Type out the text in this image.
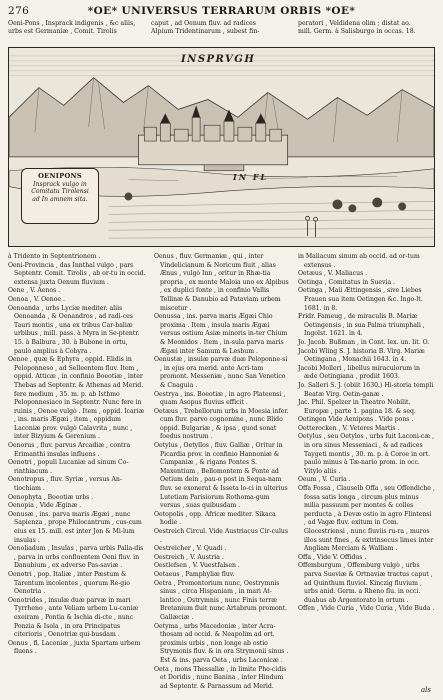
276	*OE* UNIVERSUS TERRARUM ORBIS *OE*
Oeni-Pons , Insprack indigenis , &c aliis,
urbs est Germaniæ , Comit. Tirolis
caput , ad Oenum fluv. ad radices
Alpium Tridentinarum , subest fin-
peratori , Veldidena olim ; distat ao.
mill. Germ. à Salisburgo in occas. 18.
INSPRVGH
IN FL
OENIPONS
Insprack vulgo in Comitatu Tirolensi ad In amnem sita.

à Tridento in Septentrionem .

Oeni-Provincia , das Innthal vulgo , pars Septentr. Comit. Tirolis , ab or-tu in occid. extensa juxta Oenum fluvium .

Oene , V. Aenos .

Oenoa , V. Oenoe .

Oenoanda , urbs Lyciæ mediter. aliis Oenoanda , & Oenandros , ad radi-ces Tauri montis , una ex tribus Car-baliæ urbibus , mill. pass. à Myra in Se-ptentr. 15. à Balbura , 30. à Bubone in ortu, paulò amplius à Cobyra .

Oenoe , quæ & Ephyra , oppid. Elidis in Peloponneso , ad Selleentem fluv. Item , oppid. Atticæ , in confinio Boeotiæ , inter Thebas ad Septentr. & Athenas ad Merid. fere medium , 35. m. p. ab Isthmo Peloponnesiaco in Septentr. Nunc fere in ruinis , Oenoe vulgò . Item , oppid. Icariæ , ins. maris Ægæi , item , oppidum Laconiæ prov. vulgò Calavrita , nunc , inter Bizyium & Gerenium .

Oenorus , fluv. parvus Arcadiæ , contra Erimanthi insulas influens .

Oenotri , populi Lucaniæ ad sinum Co-rinthiacum .

Oenotropus , fluv. Syriæ , versus An-tiochiam .

Oenophyta , Boeotiæ urbs .

Oenopia , Vide Æginæ .

Oenusæ , ins. parva maris Ægæi , nunc Sapienza , prope Philocantrum , cus-cum eius ex 15. mill. est inter Jon & Mi-lum insulas .

Oenoliadum , Insulas , parva urbis Palla-dis , parva in urbs confluentem Oeni fluv. in Danubium , ex adverso Pas-saviæ .

Oenotri , pop. Italiæ , inter Pæstum & Tarentum incolentes , quorum Re-gio Oenotria .

Oenotrides , insulæ duæ parvæ in mari Tyrrheno , ante Veliam urbem Lu-caniæ exeiram , Pontia & Ischia di-cte , nunc Ponzia & Isola , in ora Principatus citerioris , Oenotriæ qui-busdam .

Oenus , fl. Laconiæ , juxta Spartam urbem fluens .

Oenus , fluv. Germaniæ , qui , inter Vindelicianum & Noricum fluit , alias Ænus , vulgò Inn , oritur in Rhæ-tia propria , ex monte Maloia uno ex Alpibus , ex duplici fonte , in confinio Vallis Tellinæ & Danubio ad Pataviam urbem miscetur .

Oenussa , ins. parva maris Ægæi Chio proxima . Item , insula maris Ægæi versus ostium Asiæ minoris in-ter Chium & Meonidos . Item , in-sula parva maris Ægæi inter Samum & Lesbum .

Oenustæ , insulæ parvæ duæ Peloponne-si , in ejus ora merid. ante Acri-tam promont. Messeniæ , nunc San Venetico & Cnaguia .

Oestrya , ins. Boeotiæ , in agro Plateensi , quam Asopus fluvius efficit .

Oetæus , Trebellorum urbs in Moesia infer. cum fluv. parvo cognomine , nunc Blido oppid. Bulgariæ , & ipsa , quod sonat foedus nostrum .

Oetylus , Oetyllos , fluv. Galliæ , Oritur in Picardia prov. in confinio Hannoniæ & Campaniæ , & rigans Pontes S. Maxentium , Bellomontem & Ponte ad Oetium dein , pau-o post in Sequa-nam fluv. se exonerat & Isseta lo-ci in ulterius Lutetiam Parisiorum Rothoma-gum versus , suas quibusdam .

Oetopolis , opp. Africæ mediter. Sikaca hodie .

Oestreich Circul. Vide Austriacus Cir-culus .

Oestreicher , V. Quadi .

Oestreich , V. Austria .

Oestlefsen , V. Vuestfalsen .

Oetaeus , Pamphyliæ fluv.

Oetra , Promontorium nunc, Oestrymnis sinus , circa Hispaniam , in mari At-lantico , Ostrymnis , nunc Finis terræ Bretanium fluit nunc Artabrum promont. Gallæciæ .

Oetyma , urbs Macedoniæ , inter Acra-thosam ad occid. & Neapolim ad ort. proximis urbis , non longe ab ostio Strymonis fluv. & in ora Strymonii sinus . Est & ins. parva Oeta , urbs Laconicæ .

Oeta , mons Thessaliæ , in limite Pho-cidis et Doridis , nunc Banina , inter Hindum ad Septentr. & Parnassum ad Merid.

in Maliacum sinum ab occid. ad or-tum extensus .

Oetæus , V. Maliacus .

Oetinga , Comitatus in Suevia .

Oetinga , Maii Ættingensis , sive Liebes Frauen sua item Oetingen &c. Ingo-lt. 1681. in 8.

Fridr. Fameug , de miraculis B. Mariæ Oetingensis , in sua Palma triumphali , Ingolst. 1621. in 4.

Jo. Jacob. Bußman , in Cont. lex. un. lit. O.

Jacobi Wling S. J. historia B. Virg. Mariæ Oetingana , Monachii 1643. in 4.

Jacobi Molleri , libellus miraculorum in æde Oetingiana , prodiit 1603.

Jo. Salleri S. J. (obiit 1630.) Hi-storia templi Beatæ Virg. Oetin-ganæ .

Jac. Phil. Spelzer in Theatro Nobilit. Europæ , parte 1. pagina 18. & seq.

Oetingen Vide Aenipons . Vide pons .

Oetterocken , V. Veteres Martis .

Oetylus , seu Oetylos , urbs fuit Laconi-cæ , in ora sinus Messeniaci , & ad radices Taygeti montis , 30. m. p. à Coroe in ort. paulò minus à Tæ-nario prom. in occ. Vitylo aliis .

Oeum , V. Curia .

Offa Fossa , Clauselb Offa , seu Offendiche , fossa satis longa , circum plus minus milia passuum per montes & colles perducta , à Devæ ostio in agro Flintensi , ad Vagæ fluv. exitum in Com. Glocestriensi , nunc fluviis ru-ra , muros illos sunt fines , & extrinsecus limes inter Angliam Merciam & Walliam .

Offa , Vide V. Offidus .

Offemburgum , Offemburg vulgò , urbs parva Sueviæ & Ortnaviæ tractus caput , ad Quinthum fluviol. Kinczig fluvium , urbs anid. Germ. a Rheno flu. in occi. duabus ab Argentorato in ortum .

Offen , Vide Curia , Vide Curia , Vide Buda .

als
